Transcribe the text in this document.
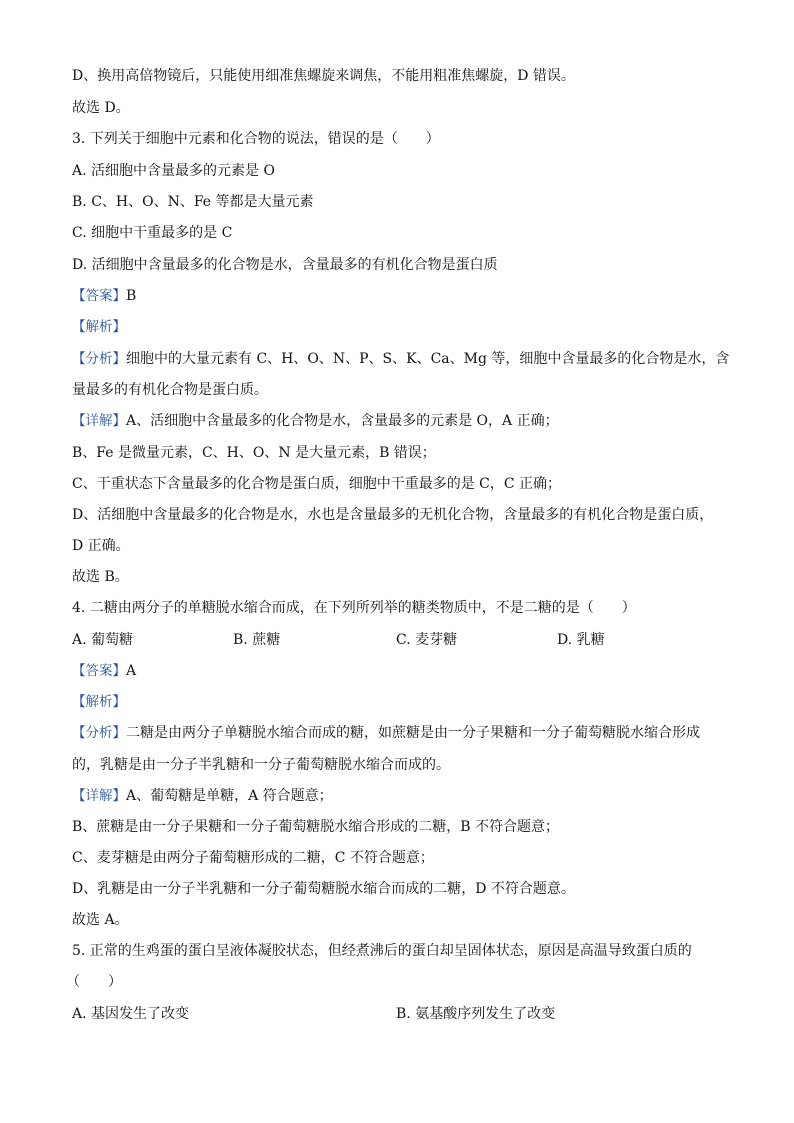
D、换用高倍物镜后，只能使用细准焦螺旋来调焦，不能用粗准焦螺旋，D 错误。
故选 D。
3. 下列关于细胞中元素和化合物的说法，错误的是（　　）
A. 活细胞中含量最多的元素是 O
B. C、H、O、N、Fe 等都是大量元素
C. 细胞中干重最多的是 C
D. 活细胞中含量最多的化合物是水，含量最多的有机化合物是蛋白质
【答案】B
【解析】
【分析】细胞中的大量元素有 C、H、O、N、P、S、K、Ca、Mg 等，细胞中含量最多的化合物是水，含
量最多的有机化合物是蛋白质。
【详解】A、活细胞中含量最多的化合物是水，含量最多的元素是 O，A 正确；
B、Fe 是微量元素，C、H、O、N 是大量元素，B 错误；
C、干重状态下含量最多的化合物是蛋白质，细胞中干重最多的是 C，C 正确；
D、活细胞中含量最多的化合物是水，水也是含量最多的无机化合物，含量最多的有机化合物是蛋白质，
D 正确。
故选 B。
4. 二糖由两分子的单糖脱水缩合而成，在下列所列举的糖类物质中，不是二糖的是（　　）
A. 葡萄糖	B. 蔗糖	C. 麦芽糖	D. 乳糖
【答案】A
【解析】
【分析】二糖是由两分子单糖脱水缩合而成的糖，如蔗糖是由一分子果糖和一分子葡萄糖脱水缩合形成
的，乳糖是由一分子半乳糖和一分子葡萄糖脱水缩合而成的。
【详解】A、葡萄糖是单糖，A 符合题意；
B、蔗糖是由一分子果糖和一分子葡萄糖脱水缩合形成的二糖，B 不符合题意；
C、麦芽糖是由两分子葡萄糖形成的二糖，C 不符合题意；
D、乳糖是由一分子半乳糖和一分子葡萄糖脱水缩合而成的二糖，D 不符合题意。
故选 A。
5. 正常的生鸡蛋的蛋白呈液体凝胶状态，但经煮沸后的蛋白却呈固体状态，原因是高温导致蛋白质的
（　　）
A. 基因发生了改变	B. 氨基酸序列发生了改变
